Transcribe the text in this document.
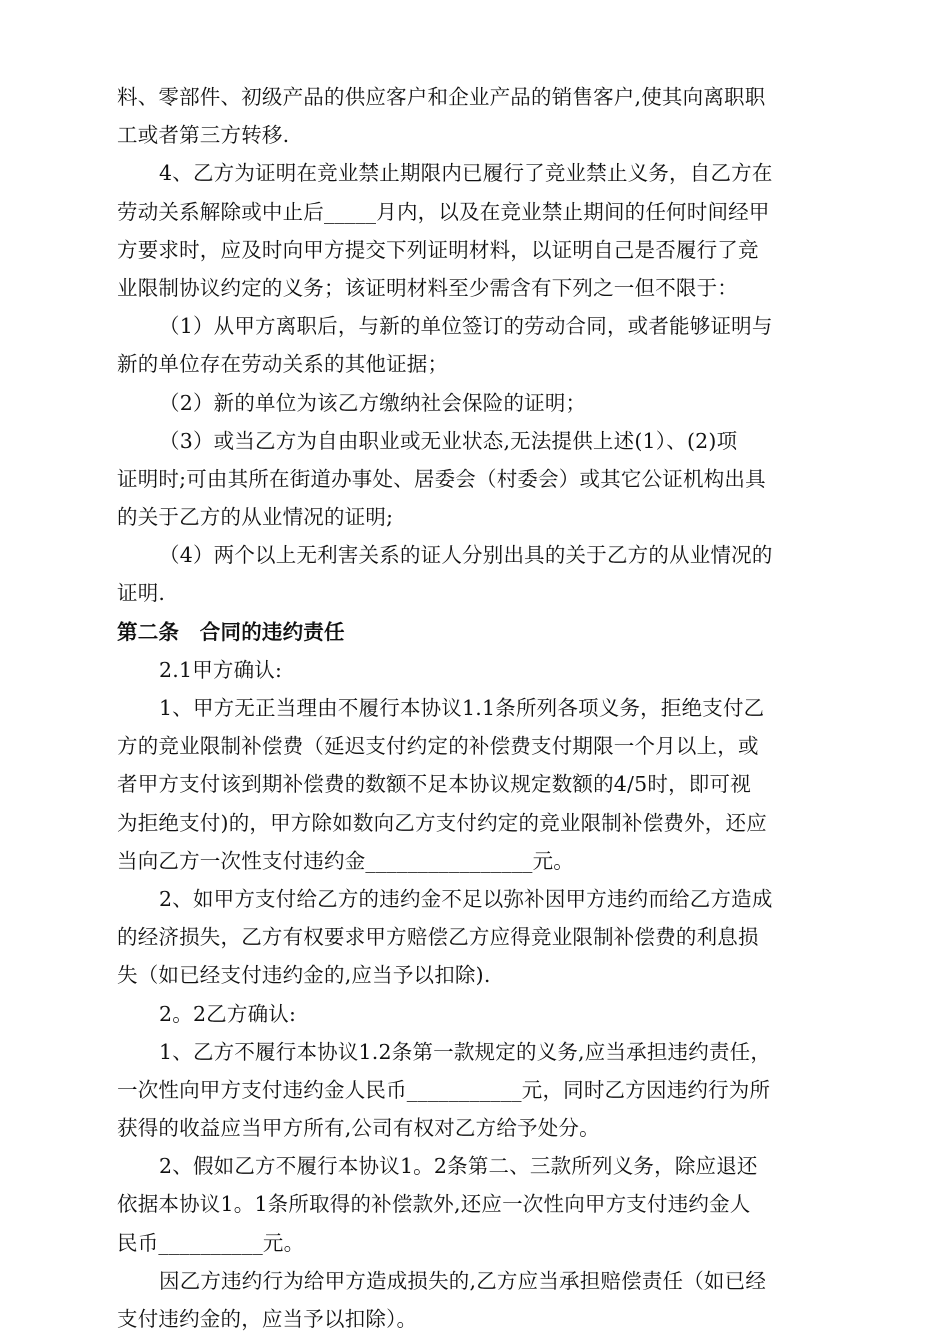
料、零部件、初级产品的供应客户和企业产品的销售客户,使其向离职职
工或者第三方转移.
4、乙方为证明在竞业禁止期限内已履行了竞业禁止义务，自乙方在
劳动关系解除或中止后_____月内，以及在竞业禁止期间的任何时间经甲
方要求时，应及时向甲方提交下列证明材料，以证明自己是否履行了竞
业限制协议约定的义务；该证明材料至少需含有下列之一但不限于：
（1）从甲方离职后，与新的单位签订的劳动合同，或者能够证明与
新的单位存在劳动关系的其他证据；
（2）新的单位为该乙方缴纳社会保险的证明；
（3）或当乙方为自由职业或无业状态,无法提供上述(1）、(2)项
证明时;可由其所在街道办事处、居委会（村委会）或其它公证机构出具
的关于乙方的从业情况的证明;
（4）两个以上无利害关系的证人分别出具的关于乙方的从业情况的
证明.
第二条　合同的违约责任
2.1甲方确认:
1、甲方无正当理由不履行本协议1.1条所列各项义务，拒绝支付乙
方的竞业限制补偿费（延迟支付约定的补偿费支付期限一个月以上，或
者甲方支付该到期补偿费的数额不足本协议规定数额的4/5时，即可视
为拒绝支付)的，甲方除如数向乙方支付约定的竞业限制补偿费外，还应
当向乙方一次性支付违约金________________元。
2、如甲方支付给乙方的违约金不足以弥补因甲方违约而给乙方造成
的经济损失，乙方有权要求甲方赔偿乙方应得竞业限制补偿费的利息损
失（如已经支付违约金的,应当予以扣除).
2。2乙方确认:
1、乙方不履行本协议1.2条第一款规定的义务,应当承担违约责任，
一次性向甲方支付违约金人民币___________元，同时乙方因违约行为所
获得的收益应当甲方所有,公司有权对乙方给予处分。
2、假如乙方不履行本协议1。2条第二、三款所列义务，除应退还
依据本协议1。1条所取得的补偿款外,还应一次性向甲方支付违约金人
民币__________元。
因乙方违约行为给甲方造成损失的,乙方应当承担赔偿责任（如已经
支付违约金的，应当予以扣除）。
